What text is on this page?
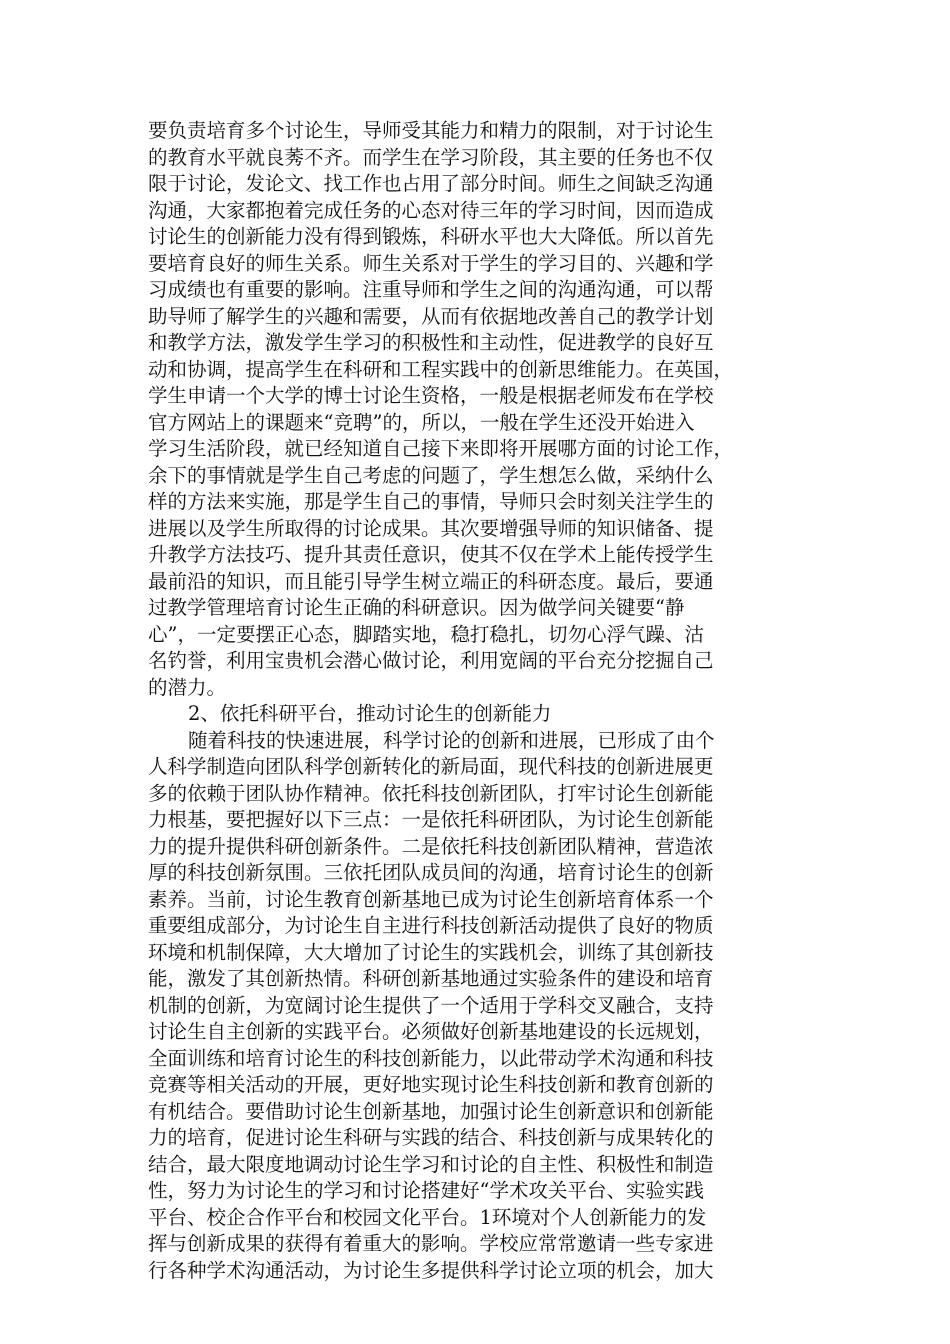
要负责培育多个讨论生，导师受其能力和精力的限制，对于讨论生
的教育水平就良莠不齐。而学生在学习阶段，其主要的任务也不仅
限于讨论，发论文、找工作也占用了部分时间。师生之间缺乏沟通
沟通，大家都抱着完成任务的心态对待三年的学习时间，因而造成
讨论生的创新能力没有得到锻炼，科研水平也大大降低。所以首先
要培育良好的师生关系。师生关系对于学生的学习目的、兴趣和学
习成绩也有重要的影响。注重导师和学生之间的沟通沟通，可以帮
助导师了解学生的兴趣和需要，从而有依据地改善自己的教学计划
和教学方法，激发学生学习的积极性和主动性，促进教学的良好互
动和协调，提高学生在科研和工程实践中的创新思维能力。在英国，
学生申请一个大学的博士讨论生资格，一般是根据老师发布在学校
官方网站上的课题来“竞聘”的，所以，一般在学生还没开始进入
学习生活阶段，就已经知道自己接下来即将开展哪方面的讨论工作，
余下的事情就是学生自己考虑的问题了，学生想怎么做，采纳什么
样的方法来实施，那是学生自己的事情，导师只会时刻关注学生的
进展以及学生所取得的讨论成果。其次要增强导师的知识储备、提
升教学方法技巧、提升其责任意识，使其不仅在学术上能传授学生
最前沿的知识，而且能引导学生树立端正的科研态度。最后，要通
过教学管理培育讨论生正确的科研意识。因为做学问关键要“静
心”，一定要摆正心态，脚踏实地，稳打稳扎，切勿心浮气躁、沽
名钓誉，利用宝贵机会潜心做讨论，利用宽阔的平台充分挖掘自己
的潜力。
2、依托科研平台，推动讨论生的创新能力
随着科技的快速进展，科学讨论的创新和进展，已形成了由个
人科学制造向团队科学创新转化的新局面，现代科技的创新进展更
多的依赖于团队协作精神。依托科技创新团队，打牢讨论生创新能
力根基，要把握好以下三点：一是依托科研团队，为讨论生创新能
力的提升提供科研创新条件。二是依托科技创新团队精神，营造浓
厚的科技创新氛围。三依托团队成员间的沟通，培育讨论生的创新
素养。当前，讨论生教育创新基地已成为讨论生创新培育体系一个
重要组成部分，为讨论生自主进行科技创新活动提供了良好的物质
环境和机制保障，大大增加了讨论生的实践机会，训练了其创新技
能，激发了其创新热情。科研创新基地通过实验条件的建设和培育
机制的创新，为宽阔讨论生提供了一个适用于学科交叉融合，支持
讨论生自主创新的实践平台。必须做好创新基地建设的长远规划，
全面训练和培育讨论生的科技创新能力，以此带动学术沟通和科技
竞赛等相关活动的开展，更好地实现讨论生科技创新和教育创新的
有机结合。要借助讨论生创新基地，加强讨论生创新意识和创新能
力的培育，促进讨论生科研与实践的结合、科技创新与成果转化的
结合，最大限度地调动讨论生学习和讨论的自主性、积极性和制造
性，努力为讨论生的学习和讨论搭建好“学术攻关平台、实验实践
平台、校企合作平台和校园文化平台。1环境对个人创新能力的发
挥与创新成果的获得有着重大的影响。学校应常常邀请一些专家进
行各种学术沟通活动，为讨论生多提供科学讨论立项的机会，加大
